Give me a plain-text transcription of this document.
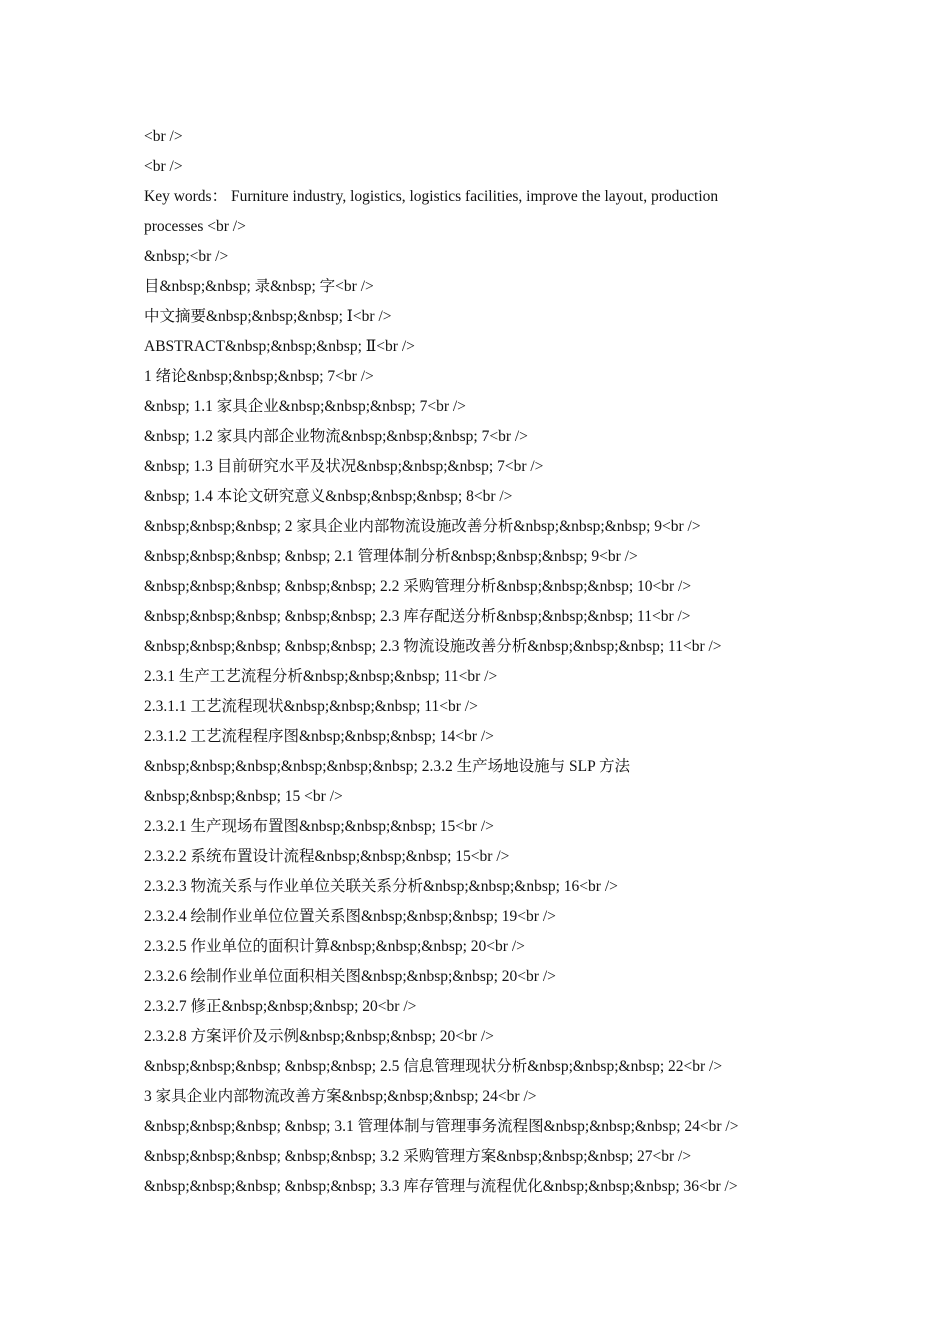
<br />
<br />
Key words： Furniture industry, logistics, logistics facilities, improve the layout, production
processes <br />
&nbsp;<br />
目&nbsp;&nbsp; 录&nbsp; 字<br />
中文摘要&nbsp;&nbsp;&nbsp; Ⅰ<br />
ABSTRACT&nbsp;&nbsp;&nbsp; Ⅱ<br />
1 绪论&nbsp;&nbsp;&nbsp; 7<br />
&nbsp; 1.1 家具企业&nbsp;&nbsp;&nbsp; 7<br />
&nbsp; 1.2 家具内部企业物流&nbsp;&nbsp;&nbsp; 7<br />
&nbsp; 1.3 目前研究水平及状况&nbsp;&nbsp;&nbsp; 7<br />
&nbsp; 1.4 本论文研究意义&nbsp;&nbsp;&nbsp; 8<br />
&nbsp;&nbsp;&nbsp; 2 家具企业内部物流设施改善分析&nbsp;&nbsp;&nbsp; 9<br />
&nbsp;&nbsp;&nbsp; &nbsp; 2.1 管理体制分析&nbsp;&nbsp;&nbsp; 9<br />
&nbsp;&nbsp;&nbsp; &nbsp;&nbsp; 2.2 采购管理分析&nbsp;&nbsp;&nbsp; 10<br />
&nbsp;&nbsp;&nbsp; &nbsp;&nbsp; 2.3 库存配送分析&nbsp;&nbsp;&nbsp; 11<br />
&nbsp;&nbsp;&nbsp; &nbsp;&nbsp; 2.3 物流设施改善分析&nbsp;&nbsp;&nbsp; 11<br />
2.3.1 生产工艺流程分析&nbsp;&nbsp;&nbsp; 11<br />
2.3.1.1 工艺流程现状&nbsp;&nbsp;&nbsp; 11<br />
2.3.1.2 工艺流程程序图&nbsp;&nbsp;&nbsp; 14<br />
&nbsp;&nbsp;&nbsp;&nbsp;&nbsp;&nbsp; 2.3.2 生产场地设施与 SLP 方法
&nbsp;&nbsp;&nbsp; 15 <br />
2.3.2.1 生产现场布置图&nbsp;&nbsp;&nbsp; 15<br />
2.3.2.2 系统布置设计流程&nbsp;&nbsp;&nbsp; 15<br />
2.3.2.3 物流关系与作业单位关联关系分析&nbsp;&nbsp;&nbsp; 16<br />
2.3.2.4 绘制作业单位位置关系图&nbsp;&nbsp;&nbsp; 19<br />
2.3.2.5 作业单位的面积计算&nbsp;&nbsp;&nbsp; 20<br />
2.3.2.6 绘制作业单位面积相关图&nbsp;&nbsp;&nbsp; 20<br />
2.3.2.7 修正&nbsp;&nbsp;&nbsp; 20<br />
2.3.2.8 方案评价及示例&nbsp;&nbsp;&nbsp; 20<br />
&nbsp;&nbsp;&nbsp; &nbsp;&nbsp; 2.5 信息管理现状分析&nbsp;&nbsp;&nbsp; 22<br />
3 家具企业内部物流改善方案&nbsp;&nbsp;&nbsp; 24<br />
&nbsp;&nbsp;&nbsp; &nbsp; 3.1 管理体制与管理事务流程图&nbsp;&nbsp;&nbsp; 24<br />
&nbsp;&nbsp;&nbsp; &nbsp;&nbsp; 3.2 采购管理方案&nbsp;&nbsp;&nbsp; 27<br />
&nbsp;&nbsp;&nbsp; &nbsp;&nbsp; 3.3 库存管理与流程优化&nbsp;&nbsp;&nbsp; 36<br />
